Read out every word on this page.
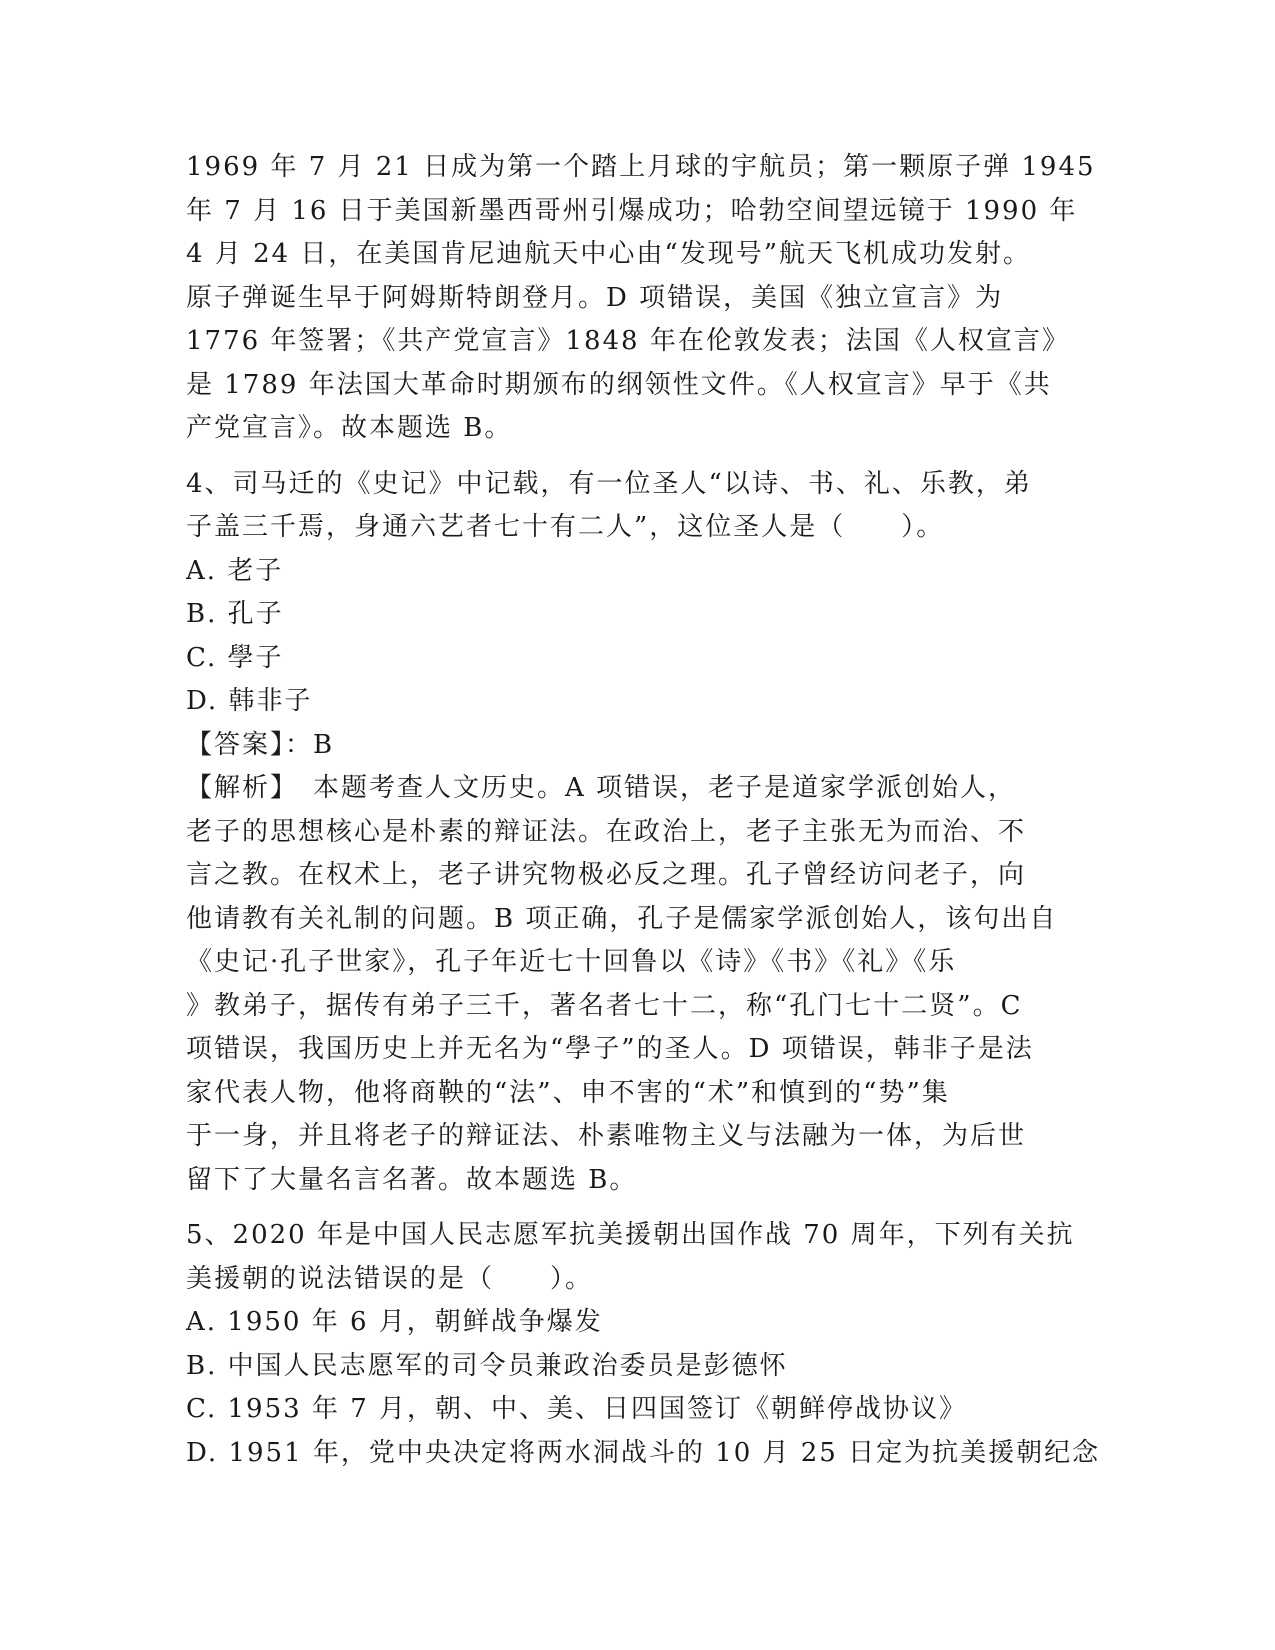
1969 年 7 月 21 日成为第一个踏上月球的宇航员；第一颗原子弹 1945
年 7 月 16 日于美国新墨西哥州引爆成功；哈勃空间望远镜于 1990 年
4 月 24 日，在美国肯尼迪航天中心由“发现号”航天飞机成功发射。
原子弹诞生早于阿姆斯特朗登月。D 项错误，美国《独立宣言》为
1776 年签署；《共产党宣言》1848 年在伦敦发表；法国《人权宣言》
是 1789 年法国大革命时期颁布的纲领性文件。《人权宣言》早于《共
产党宣言》。故本题选 B。
4、司马迁的《史记》中记载，有一位圣人“以诗、书、礼、乐教，弟
子盖三千焉，身通六艺者七十有二人”，这位圣人是（　　）。
A. 老子
B. 孔子
C. 學子
D. 韩非子
【答案】：B
【解析】　本题考查人文历史。A 项错误，老子是道家学派创始人，
老子的思想核心是朴素的辩证法。在政治上，老子主张无为而治、不
言之教。在权术上，老子讲究物极必反之理。孔子曾经访问老子，向
他请教有关礼制的问题。B 项正确，孔子是儒家学派创始人，该句出自
《史记·孔子世家》，孔子年近七十回鲁以《诗》《书》《礼》《乐
》教弟子，据传有弟子三千，著名者七十二，称“孔门七十二贤”。C
项错误，我国历史上并无名为“學子”的圣人。D 项错误，韩非子是法
家代表人物，他将商鞅的“法”、申不害的“术”和慎到的“势”集
于一身，并且将老子的辩证法、朴素唯物主义与法融为一体，为后世
留下了大量名言名著。故本题选 B。
5、2020 年是中国人民志愿军抗美援朝出国作战 70 周年，下列有关抗
美援朝的说法错误的是（　　）。
A. 1950 年 6 月，朝鲜战争爆发
B. 中国人民志愿军的司令员兼政治委员是彭德怀
C. 1953 年 7 月，朝、中、美、日四国签订《朝鲜停战协议》
D. 1951 年，党中央决定将两水洞战斗的 10 月 25 日定为抗美援朝纪念
